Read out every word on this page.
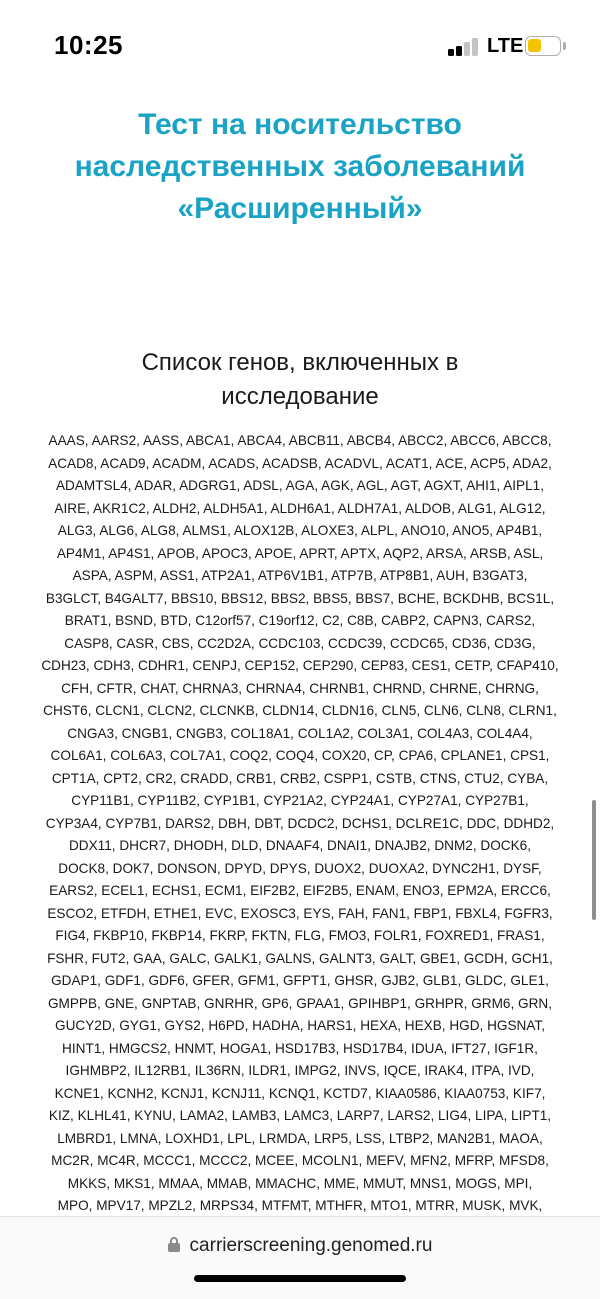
10:25	LTE
Тест на носительство
наследственных заболеваний
«Расширенный»
Список генов, включенных в
исследование
AAAS, AARS2, AASS, ABCA1, ABCA4, ABCB11, ABCB4, ABCC2, ABCC6, ABCC8,
ACAD8, ACAD9, ACADM, ACADS, ACADSB, ACADVL, ACAT1, ACE, ACP5, ADA2,
ADAMTSL4, ADAR, ADGRG1, ADSL, AGA, AGK, AGL, AGT, AGXT, AHI1, AIPL1,
AIRE, AKR1C2, ALDH2, ALDH5A1, ALDH6A1, ALDH7A1, ALDOB, ALG1, ALG12,
ALG3, ALG6, ALG8, ALMS1, ALOX12B, ALOXE3, ALPL, ANO10, ANO5, AP4B1,
AP4M1, AP4S1, APOB, APOC3, APOE, APRT, APTX, AQP2, ARSA, ARSB, ASL,
ASPA, ASPM, ASS1, ATP2A1, ATP6V1B1, ATP7B, ATP8B1, AUH, B3GAT3,
B3GLCT, B4GALT7, BBS10, BBS12, BBS2, BBS5, BBS7, BCHE, BCKDHB, BCS1L,
BRAT1, BSND, BTD, C12orf57, C19orf12, C2, C8B, CABP2, CAPN3, CARS2,
CASP8, CASR, CBS, CC2D2A, CCDC103, CCDC39, CCDC65, CD36, CD3G,
CDH23, CDH3, CDHR1, CENPJ, CEP152, CEP290, CEP83, CES1, CETP, CFAP410,
CFH, CFTR, CHAT, CHRNA3, CHRNA4, CHRNB1, CHRND, CHRNE, CHRNG,
CHST6, CLCN1, CLCN2, CLCNKB, CLDN14, CLDN16, CLN5, CLN6, CLN8, CLRN1,
CNGA3, CNGB1, CNGB3, COL18A1, COL1A2, COL3A1, COL4A3, COL4A4,
COL6A1, COL6A3, COL7A1, COQ2, COQ4, COX20, CP, CPA6, CPLANE1, CPS1,
CPT1A, CPT2, CR2, CRADD, CRB1, CRB2, CSPP1, CSTB, CTNS, CTU2, CYBA,
CYP11B1, CYP11B2, CYP1B1, CYP21A2, CYP24A1, CYP27A1, CYP27B1,
CYP3A4, CYP7B1, DARS2, DBH, DBT, DCDC2, DCHS1, DCLRE1C, DDC, DDHD2,
DDX11, DHCR7, DHODH, DLD, DNAAF4, DNAI1, DNAJB2, DNM2, DOCK6,
DOCK8, DOK7, DONSON, DPYD, DPYS, DUOX2, DUOXA2, DYNC2H1, DYSF,
EARS2, ECEL1, ECHS1, ECM1, EIF2B2, EIF2B5, ENAM, ENO3, EPM2A, ERCC6,
ESCO2, ETFDH, ETHE1, EVC, EXOSC3, EYS, FAH, FAN1, FBP1, FBXL4, FGFR3,
FIG4, FKBP10, FKBP14, FKRP, FKTN, FLG, FMO3, FOLR1, FOXRED1, FRAS1,
FSHR, FUT2, GAA, GALC, GALK1, GALNS, GALNT3, GALT, GBE1, GCDH, GCH1,
GDAP1, GDF1, GDF6, GFER, GFM1, GFPT1, GHSR, GJB2, GLB1, GLDC, GLE1,
GMPPB, GNE, GNPTAB, GNRHR, GP6, GPAA1, GPIHBP1, GRHPR, GRM6, GRN,
GUCY2D, GYG1, GYS2, H6PD, HADHA, HARS1, HEXA, HEXB, HGD, HGSNAT,
HINT1, HMGCS2, HNMT, HOGA1, HSD17B3, HSD17B4, IDUA, IFT27, IGF1R,
IGHMBP2, IL12RB1, IL36RN, ILDR1, IMPG2, INVS, IQCE, IRAK4, ITPA, IVD,
KCNE1, KCNH2, KCNJ1, KCNJ11, KCNQ1, KCTD7, KIAA0586, KIAA0753, KIF7,
KIZ, KLHL41, KYNU, LAMA2, LAMB3, LAMC3, LARP7, LARS2, LIG4, LIPA, LIPT1,
LMBRD1, LMNA, LOXHD1, LPL, LRMDA, LRP5, LSS, LTBP2, MAN2B1, MAOA,
MC2R, MC4R, MCCC1, MCCC2, MCEE, MCOLN1, MEFV, MFN2, MFRP, MFSD8,
MKKS, MKS1, MMAA, MMAB, MMACHC, MME, MMUT, MNS1, MOGS, MPI,
MPO, MPV17, MPZL2, MRPS34, MTFMT, MTHFR, MTO1, MTRR, MUSK, MVK,
carrierscreening.genomed.ru
